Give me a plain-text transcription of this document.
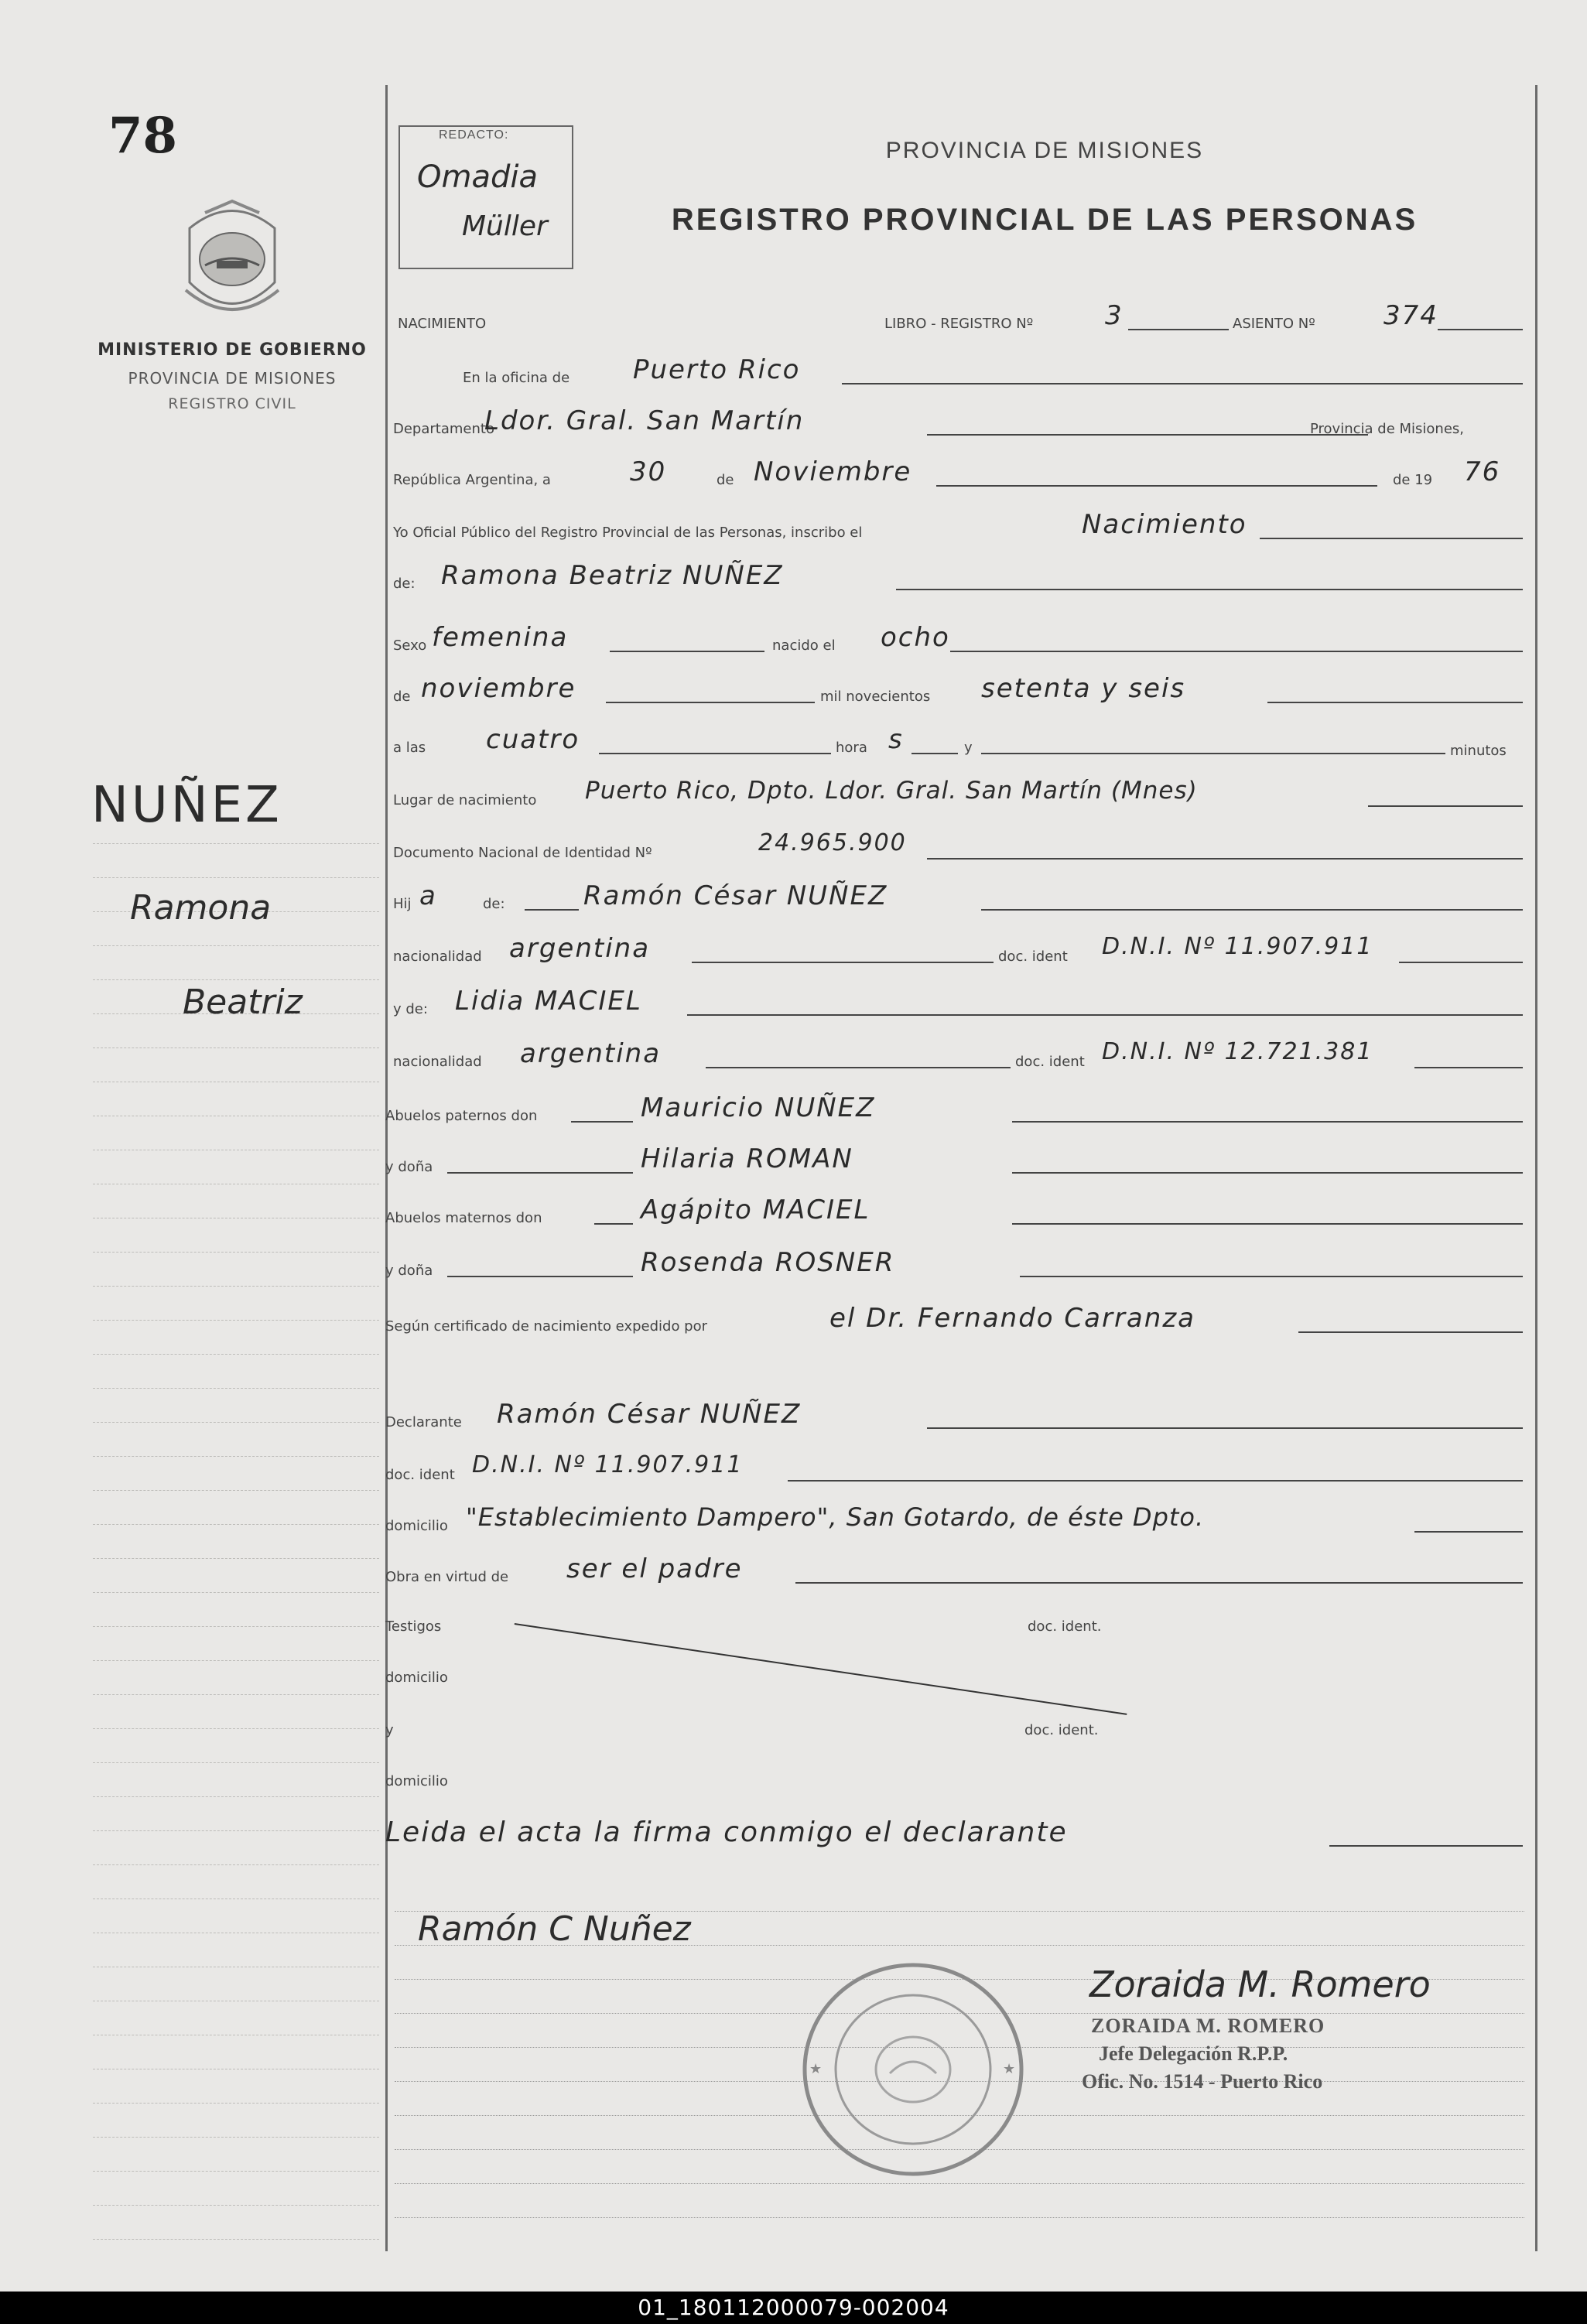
78
MINISTERIO DE GOBIERNO
PROVINCIA DE MISIONES
REGISTRO CIVIL
NUÑEZ
Ramona
Beatriz
REDACTO:
Omadia
Müller
PROVINCIA DE MISIONES
REGISTRO PROVINCIAL DE LAS PERSONAS
NACIMIENTO	LIBRO - REGISTRO Nº	3	ASIENTO Nº	374
En la oficina de Puerto Rico
Departamento
Ldor. Gral. San Martín	Provincia de Misiones,
República Argentina, a	30	de Noviembre	de 19 76
Yo Oficial Público del Registro Provincial de las Personas, inscribo el	Nacimiento
de: Ramona Beatriz NUÑEZ
Sexo femenina	nacido el ocho
de noviembre	mil novecientos setenta y seis
a las cuatro	hora s	y	minutos
Lugar de nacimiento Puerto Rico, Dpto. Ldor. Gral. San Martín (Mnes)
Documento Nacional de Identidad Nº	24.965.900
Hij a	de:	Ramón César NUÑEZ
nacionalidad argentina	doc. ident D.N.I. Nº 11.907.911
y de: Lidia MACIEL
nacionalidad argentina	doc. ident D.N.I. Nº 12.721.381
Abuelos paternos don	Mauricio NUÑEZ
y doña	Hilaria ROMAN
Abuelos maternos don	Agápito MACIEL
y doña	Rosenda ROSNER
Según certificado de nacimiento expedido por	el Dr. Fernando Carranza
Declarante Ramón César NUÑEZ
doc. ident D.N.I. Nº 11.907.911
domicilio "Establecimiento Dampero", San Gotardo, de éste Dpto.
Obra en virtud de ser el padre
Testigos	doc. ident.
domicilio
y	doc. ident.
domicilio
Leida el acta la firma conmigo el declarante
Ramón C Nuñez
★	★
Zoraida M. Romero
ZORAIDA M. ROMERO
Jefe Delegación R.P.P.
Ofic. No. 1514 - Puerto Rico
01_180112000079-002004
